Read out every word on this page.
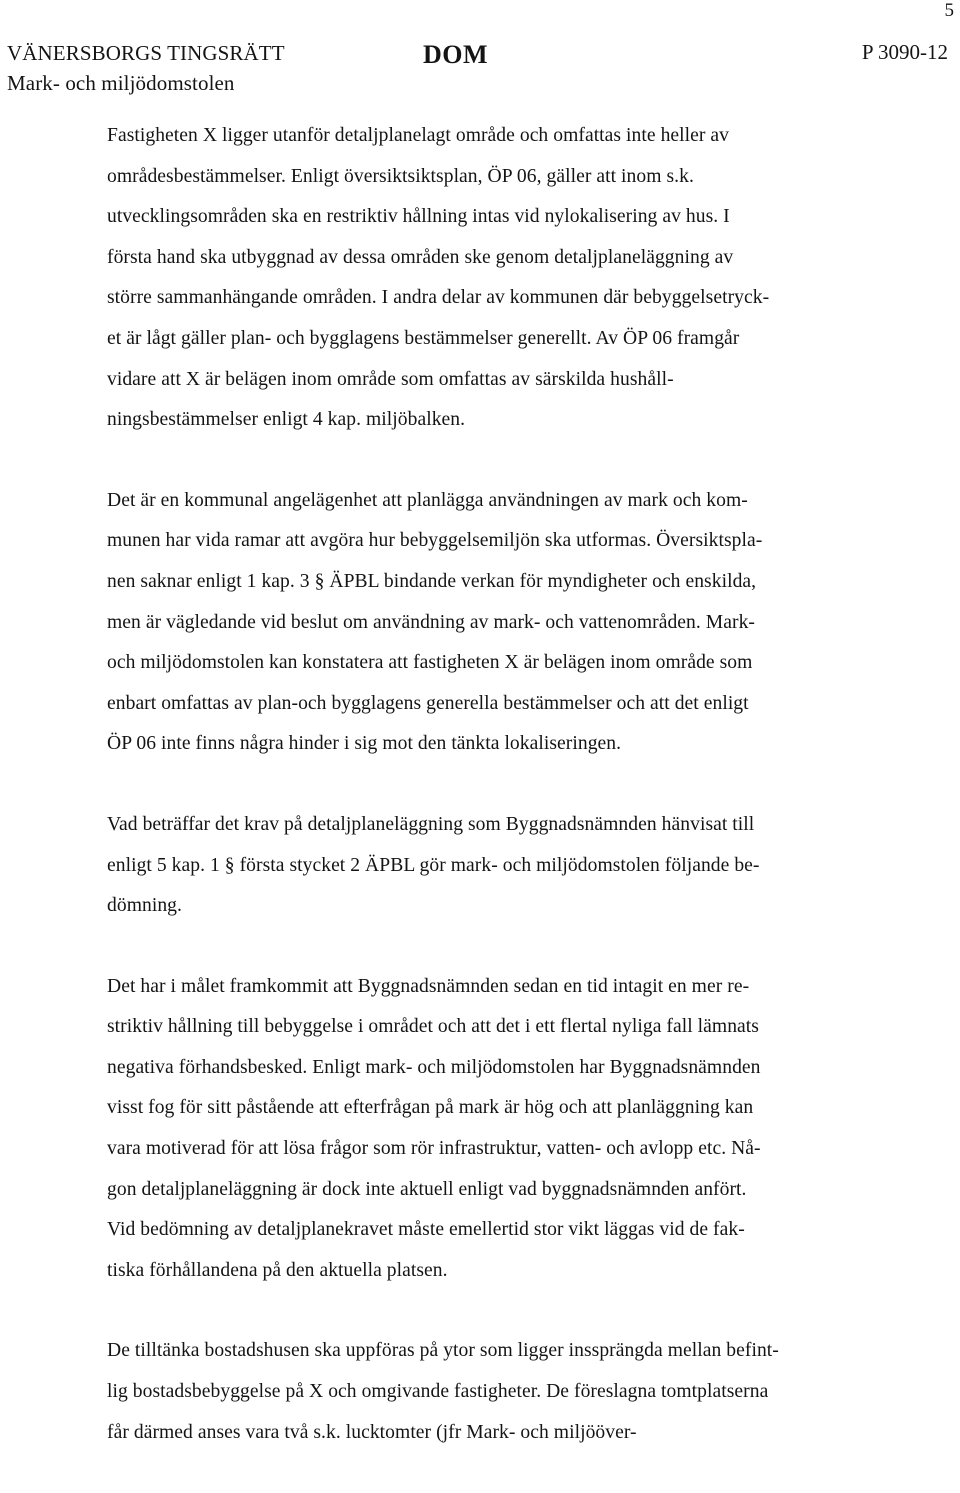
5
VÄNERSBORGS TINGSRÄTT
Mark- och miljödomstolen
DOM	P 3090-12
Fastigheten X ligger utanför detaljplanelagt område och omfattas inte heller av
områdesbestämmelser. Enligt översiktsiktsplan, ÖP 06, gäller att inom s.k.
utvecklingsområden ska en restriktiv hållning intas vid nylokalisering av hus. I
första hand ska utbyggnad av dessa områden ske genom detaljplaneläggning av
större sammanhängande områden. I andra delar av kommunen där bebyggelsetryck-
et är lågt gäller plan- och bygglagens bestämmelser generellt. Av ÖP 06 framgår
vidare att X är belägen inom område som omfattas av särskilda hushåll-
ningsbestämmelser enligt 4 kap. miljöbalken.
Det är en kommunal angelägenhet att planlägga användningen av mark och kom-
munen har vida ramar att avgöra hur bebyggelsemiljön ska utformas. Översiktspla-
nen saknar enligt 1 kap. 3 § ÄPBL bindande verkan för myndigheter och enskilda,
men är vägledande vid beslut om användning av mark- och vattenområden. Mark-
och miljödomstolen kan konstatera att fastigheten X är belägen inom område som
enbart omfattas av plan-och bygglagens generella bestämmelser och att det enligt
ÖP 06 inte finns några hinder i sig mot den tänkta lokaliseringen.
Vad beträffar det krav på detaljplaneläggning som Byggnadsnämnden hänvisat till
enligt 5 kap. 1 § första stycket 2 ÄPBL gör mark- och miljödomstolen följande be-
dömning.
Det har i målet framkommit att Byggnadsnämnden sedan en tid intagit en mer re-
striktiv hållning till bebyggelse i området och att det i ett flertal nyliga fall lämnats
negativa förhandsbesked. Enligt mark- och miljödomstolen har Byggnadsnämnden
visst fog för sitt påstående att efterfrågan på mark är hög och att planläggning kan
vara motiverad för att lösa frågor som rör infrastruktur, vatten- och avlopp etc. Nå-
gon detaljplaneläggning är dock inte aktuell enligt vad byggnadsnämnden anfört.
Vid bedömning av detaljplanekravet måste emellertid stor vikt läggas vid de fak-
tiska förhållandena på den aktuella platsen.
De tilltänka bostadshusen ska uppföras på ytor som ligger inssprängda mellan befint-
lig bostadsbebyggelse på X och omgivande fastigheter. De föreslagna tomtplatserna
får därmed anses vara två s.k. lucktomter (jfr Mark- och miljööver-
